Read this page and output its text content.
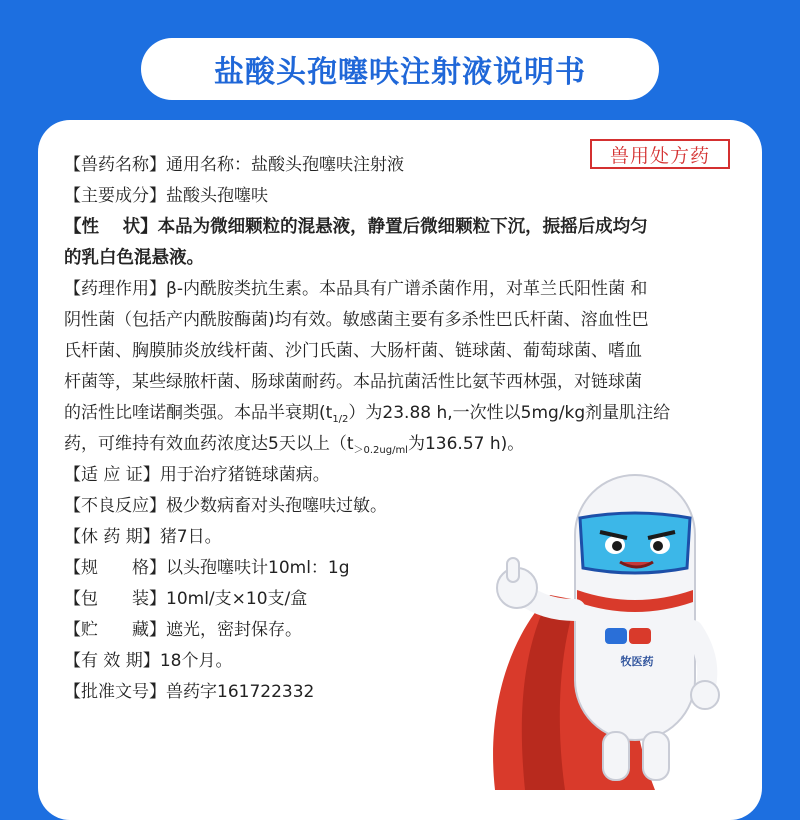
盐酸头孢噻呋注射液说明书
兽用处方药
【兽药名称】通用名称：盐酸头孢噻呋注射液
【主要成分】盐酸头孢噻呋
【性　 状】本品为微细颗粒的混悬液，静置后微细颗粒下沉，振摇后成均匀
的乳白色混悬液。
【药理作用】β-内酰胺类抗生素。本品具有广谱杀菌作用，对革兰氏阳性菌 和
阴性菌（包括产内酰胺酶菌)均有效。敏感菌主要有多杀性巴氏杆菌、溶血性巴
氏杆菌、胸膜肺炎放线杆菌、沙门氏菌、大肠杆菌、链球菌、葡萄球菌、嗜血
杆菌等，某些绿脓杆菌、肠球菌耐药。本品抗菌活性比氨苄西林强，对链球菌
的活性比喹诺酮类强。本品半衰期$(t_{1/2})$为23.88 h,一次性以5mg/kg剂量肌注给
药，可维持有效血药浓度达5天以上（$t_{>0.2ug/ml}$为136.57 h)。
【适 应 证】用于治疗猪链球菌病。
【不良反应】极少数病畜对头孢噻呋过敏。
【休 药 期】猪7日。
【规　　格】以头孢噻呋计10ml：1g
【包　　装】10ml/支×10支/盒
【贮　　藏】遮光，密封保存。
【有 效 期】18个月。
【批准文号】兽药字161722332
牧医药
